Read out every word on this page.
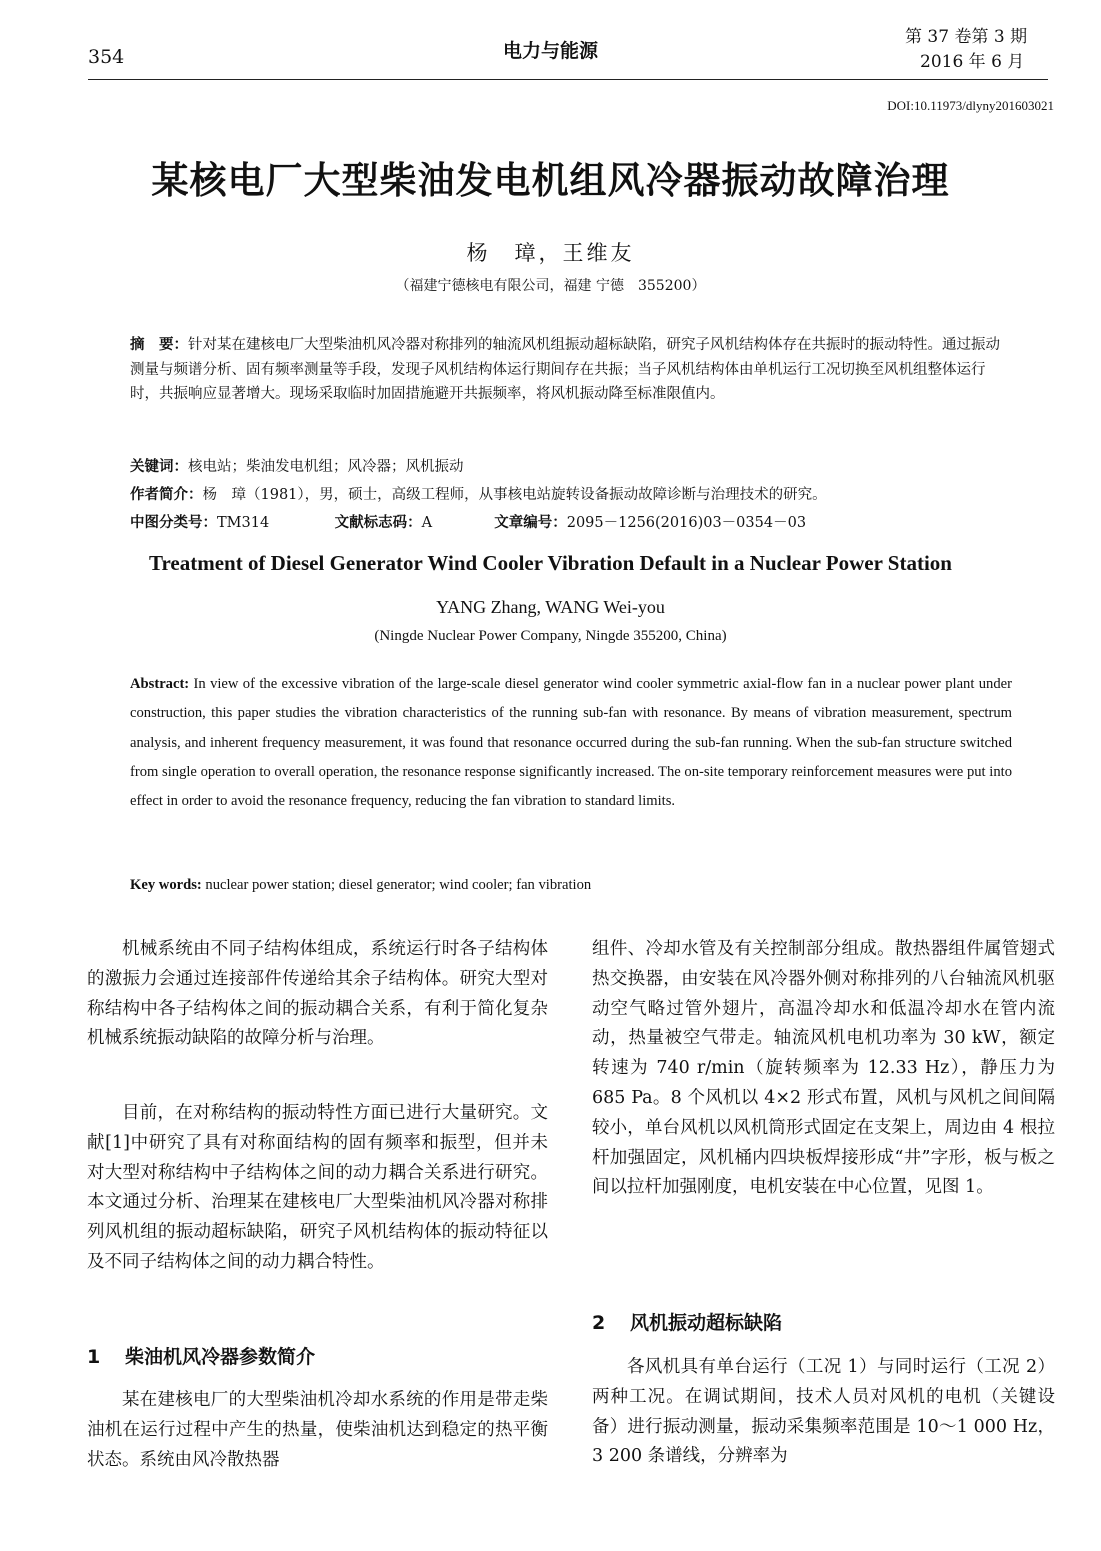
354	电力与能源
第 37 卷第 3 期
2016 年 6 月
DOI:10.11973/dlyny201603021
某核电厂大型柴油发电机组风冷器振动故障治理
杨　璋，王维友
（福建宁德核电有限公司，福建 宁德　355200）
摘　要：针对某在建核电厂大型柴油机风冷器对称排列的轴流风机组振动超标缺陷，研究子风机结构体存在共振时的振动特性。通过振动测量与频谱分析、固有频率测量等手段，发现子风机结构体运行期间存在共振；当子风机结构体由单机运行工况切换至风机组整体运行时，共振响应显著增大。现场采取临时加固措施避开共振频率，将风机振动降至标准限值内。
关键词：核电站；柴油发电机组；风冷器；风机振动
作者简介：杨　璋（1981），男，硕士，高级工程师，从事核电站旋转设备振动故障诊断与治理技术的研究。
中图分类号：TM314	文献标志码：A	文章编号：2095－1256(2016)03－0354－03
Treatment of Diesel Generator Wind Cooler Vibration Default in a Nuclear Power Station
YANG Zhang, WANG Wei-you
(Ningde Nuclear Power Company, Ningde 355200, China)
Abstract: In view of the excessive vibration of the large-scale diesel generator wind cooler symmetric axial-flow fan in a nuclear power plant under construction, this paper studies the vibration characteristics of the running sub-fan with resonance. By means of vibration measurement, spectrum analysis, and inherent frequency measurement, it was found that resonance occurred during the sub-fan running. When the sub-fan structure switched from single operation to overall operation, the resonance response significantly increased. The on-site temporary reinforcement measures were put into effect in order to avoid the resonance frequency, reducing the fan vibration to standard limits.
Key words: nuclear power station; diesel generator; wind cooler; fan vibration
机械系统由不同子结构体组成，系统运行时各子结构体的激振力会通过连接部件传递给其余子结构体。研究大型对称结构中各子结构体之间的振动耦合关系，有利于简化复杂机械系统振动缺陷的故障分析与治理。
目前，在对称结构的振动特性方面已进行大量研究。文献[1]中研究了具有对称面结构的固有频率和振型，但并未对大型对称结构中子结构体之间的动力耦合关系进行研究。本文通过分析、治理某在建核电厂大型柴油机风冷器对称排列风机组的振动超标缺陷，研究子风机结构体的振动特征以及不同子结构体之间的动力耦合特性。
1 柴油机风冷器参数简介
某在建核电厂的大型柴油机冷却水系统的作用是带走柴油机在运行过程中产生的热量，使柴油机达到稳定的热平衡状态。系统由风冷散热器
组件、冷却水管及有关控制部分组成。散热器组件属管翅式热交换器，由安装在风冷器外侧对称排列的八台轴流风机驱动空气略过管外翅片，高温冷却水和低温冷却水在管内流动，热量被空气带走。轴流风机电机功率为 30 kW，额定转速为 740 r/min（旋转频率为 12.33 Hz），静压力为 685 Pa。8 个风机以 4×2 形式布置，风机与风机之间间隔较小，单台风机以风机筒形式固定在支架上，周边由 4 根拉杆加强固定，风机桶内四块板焊接形成“井”字形，板与板之间以拉杆加强刚度，电机安装在中心位置，见图 1。
2 风机振动超标缺陷
各风机具有单台运行（工况 1）与同时运行（工况 2）两种工况。在调试期间，技术人员对风机的电机（关键设备）进行振动测量，振动采集频率范围是 10～1 000 Hz，3 200 条谱线，分辨率为
